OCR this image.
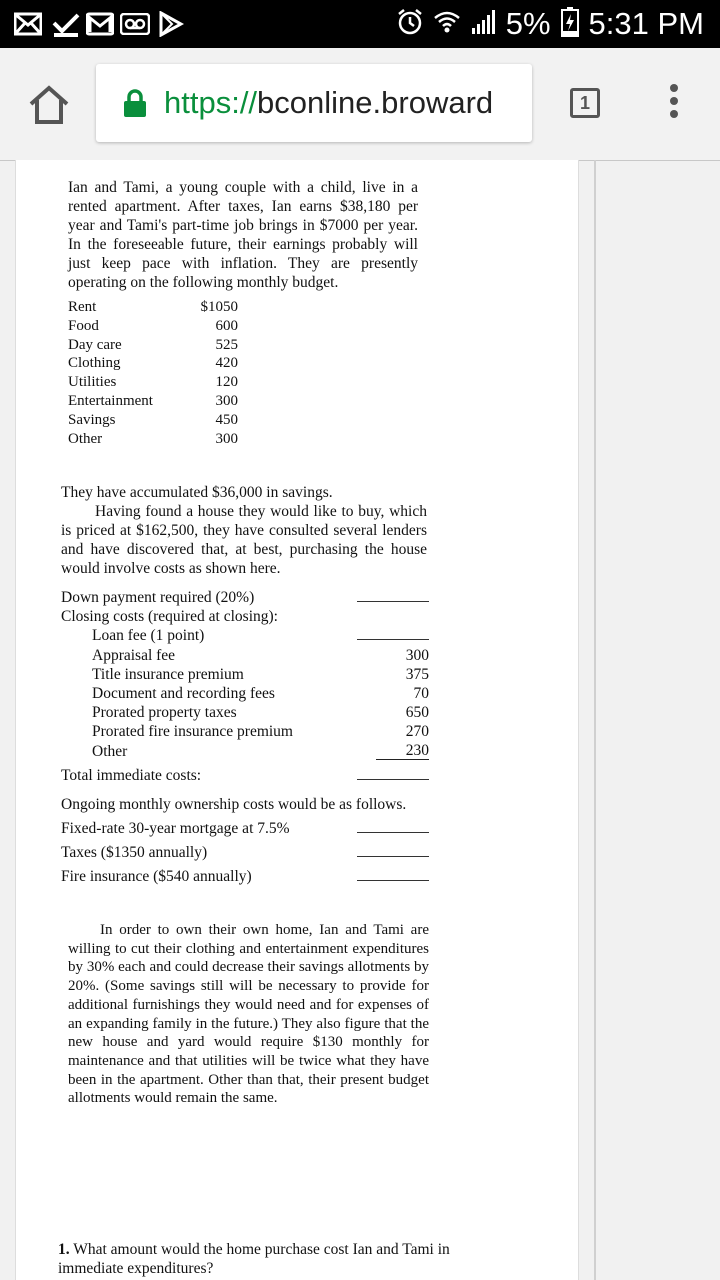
5% 5:31 PM
https://bconline.broward	1
Ian and Tami, a young couple with a child, live in a rented apartment. After taxes, Ian earns $38,180 per year and Tami's part-time job brings in $7000 per year. In the foreseeable future, their earnings probably will just keep pace with inflation. They are presently operating on the following monthly budget.
Rent	$1050
Food	600
Day care	525
Clothing	420
Utilities	120
Entertainment	300
Savings	450
Other	300
They have accumulated $36,000 in savings.
Having found a house they would like to buy, which is priced at $162,500, they have consulted several lenders and have discovered that, at best, purchasing the house would involve costs as shown here.
Down payment required (20%)
Closing costs (required at closing):
Loan fee (1 point)
Appraisal fee	300
Title insurance premium	375
Document and recording fees	70
Prorated property taxes	650
Prorated fire insurance premium	270
Other	230
Total immediate costs:
Ongoing monthly ownership costs would be as follows.
Fixed-rate 30-year mortgage at 7.5%
Taxes ($1350 annually)
Fire insurance ($540 annually)
In order to own their own home, Ian and Tami are willing to cut their clothing and entertainment expenditures by 30% each and could decrease their savings allotments by 20%. (Some savings still will be necessary to provide for additional furnishings they would need and for expenses of an expanding family in the future.) They also figure that the new house and yard would require $130 monthly for maintenance and that utilities will be twice what they have been in the apartment. Other than that, their present budget allotments would remain the same.
1. What amount would the home purchase cost Ian and Tami in immediate expenditures?
